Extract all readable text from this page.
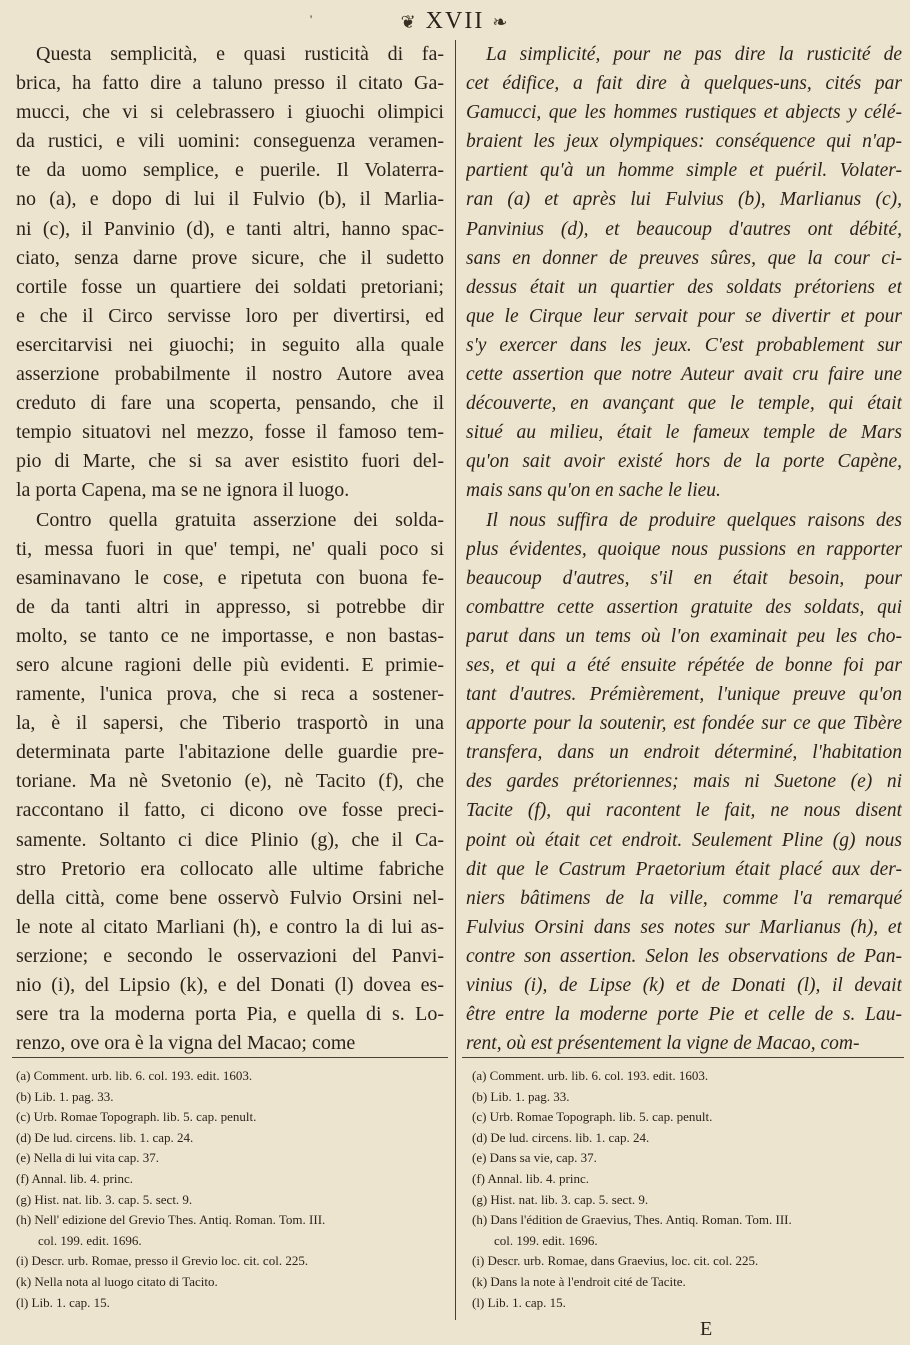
'	❦ XVII ❧
Questa semplicità, e quasi rusticità di fa-
brica, ha fatto dire a taluno presso il citato Ga-
mucci, che vi si celebrassero i giuochi olimpici
da rustici, e vili uomini: conseguenza veramen-
te da uomo semplice, e puerile. Il Volaterra-
no (a), e dopo di lui il Fulvio (b), il Marlia-
ni (c), il Panvinio (d), e tanti altri, hanno spac-
ciato, senza darne prove sicure, che il sudetto
cortile fosse un quartiere dei soldati pretoriani;
e che il Circo servisse loro per divertirsi, ed
esercitarvisi nei giuochi; in seguito alla quale
asserzione probabilmente il nostro Autore avea
creduto di fare una scoperta, pensando, che il
tempio situatovi nel mezzo, fosse il famoso tem-
pio di Marte, che si sa aver esistito fuori del-
la porta Capena, ma se ne ignora il luogo.
Contro quella gratuita asserzione dei solda-
ti, messa fuori in que' tempi, ne' quali poco si
esaminavano le cose, e ripetuta con buona fe-
de da tanti altri in appresso, si potrebbe dir
molto, se tanto ce ne importasse, e non bastas-
sero alcune ragioni delle più evidenti. E primie-
ramente, l'unica prova, che si reca a sostener-
la, è il sapersi, che Tiberio trasportò in una
determinata parte l'abitazione delle guardie pre-
toriane. Ma nè Svetonio (e), nè Tacito (f), che
raccontano il fatto, ci dicono ove fosse preci-
samente. Soltanto ci dice Plinio (g), che il Ca-
stro Pretorio era collocato alle ultime fabriche
della città, come bene osservò Fulvio Orsini nel-
le note al citato Marliani (h), e contro la di lui as-
serzione; e secondo le osservazioni del Panvi-
nio (i), del Lipsio (k), e del Donati (l) dovea es-
sere tra la moderna porta Pia, e quella di s. Lo-
renzo, ove ora è la vigna del Macao; come
La simplicité, pour ne pas dire la rusticité de
cet édifice, a fait dire à quelques-uns, cités par
Gamucci, que les hommes rustiques et abjects y célé-
braient les jeux olympiques: conséquence qui n'ap-
partient qu'à un homme simple et puéril. Volater-
ran (a) et après lui Fulvius (b), Marlianus (c),
Panvinius (d), et beaucoup d'autres ont débité,
sans en donner de preuves sûres, que la cour ci-
dessus était un quartier des soldats prétoriens et
que le Cirque leur servait pour se divertir et pour
s'y exercer dans les jeux. C'est probablement sur
cette assertion que notre Auteur avait cru faire une
découverte, en avançant que le temple, qui était
situé au milieu, était le fameux temple de Mars
qu'on sait avoir existé hors de la porte Capène,
mais sans qu'on en sache le lieu.
Il nous suffira de produire quelques raisons des
plus évidentes, quoique nous pussions en rapporter
beaucoup d'autres, s'il en était besoin, pour
combattre cette assertion gratuite des soldats, qui
parut dans un tems où l'on examinait peu les cho-
ses, et qui a été ensuite répétée de bonne foi par
tant d'autres. Prémièrement, l'unique preuve qu'on
apporte pour la soutenir, est fondée sur ce que Tibère
transfera, dans un endroit déterminé, l'habitation
des gardes prétoriennes; mais ni Suetone (e) ni
Tacite (f), qui racontent le fait, ne nous disent
point où était cet endroit. Seulement Pline (g) nous
dit que le Castrum Praetorium était placé aux der-
niers bâtimens de la ville, comme l'a remarqué
Fulvius Orsini dans ses notes sur Marlianus (h), et
contre son assertion. Selon les observations de Pan-
vinius (i), de Lipse (k) et de Donati (l), il devait
être entre la moderne porte Pie et celle de s. Lau-
rent, où est présentement la vigne de Macao, com-
(a) Comment. urb. lib. 6. col. 193. edit. 1603.
(b) Lib. 1. pag. 33.
(c) Urb. Romae Topograph. lib. 5. cap. penult.
(d) De lud. circens. lib. 1. cap. 24.
(e) Nella di lui vita cap. 37.
(f) Annal. lib. 4. princ.
(g) Hist. nat. lib. 3. cap. 5. sect. 9.
(h) Nell' edizione del Grevio Thes. Antiq. Roman. Tom. III.
col. 199. edit. 1696.
(i) Descr. urb. Romae, presso il Grevio loc. cit. col. 225.
(k) Nella nota al luogo citato di Tacito.
(l) Lib. 1. cap. 15.
(a) Comment. urb. lib. 6. col. 193. edit. 1603.
(b) Lib. 1. pag. 33.
(c) Urb. Romae Topograph. lib. 5. cap. penult.
(d) De lud. circens. lib. 1. cap. 24.
(e) Dans sa vie, cap. 37.
(f) Annal. lib. 4. princ.
(g) Hist. nat. lib. 3. cap. 5. sect. 9.
(h) Dans l'édition de Graevius, Thes. Antiq. Roman. Tom. III.
col. 199. edit. 1696.
(i) Descr. urb. Romae, dans Graevius, loc. cit. col. 225.
(k) Dans la note à l'endroit cité de Tacite.
(l) Lib. 1. cap. 15.
E
